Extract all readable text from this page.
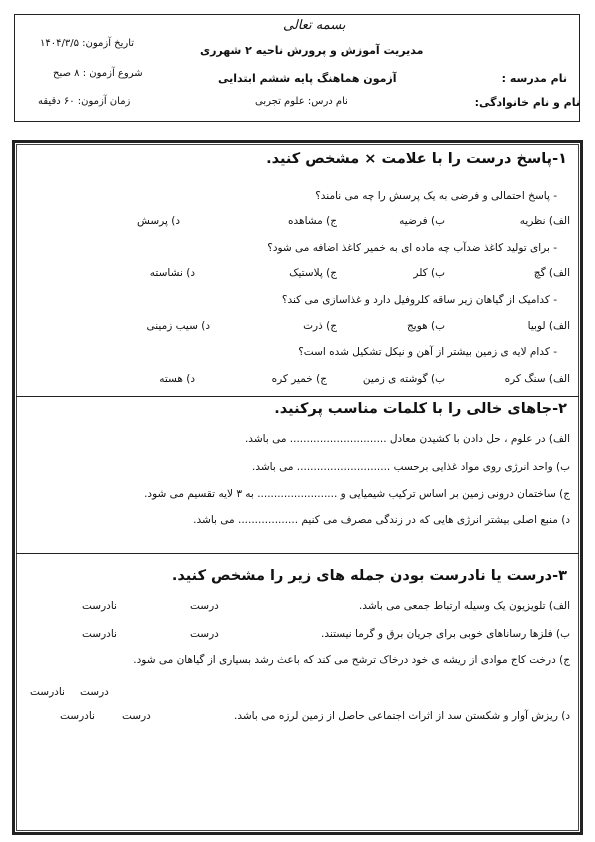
بسمه تعالی
مدیریت آموزش و پرورش ناحیه ۲ شهرری
آزمون هماهنگ پایه ششم ابتدایی	نام مدرسه :
نام و نام خانوادگی:
نام درس: علوم تجربی
تاریخ آزمون: ۱۴۰۴/۳/۵
شروع آزمون : ۸ صبح
زمان آزمون: ۶۰ دقیقه
۱-پاسخ درست را با علامت × مشخص کنید.
- پاسخ احتمالی و فرضی به یک پرسش را چه می نامند؟
الف) نظریه
ب) فرضیه
ج) مشاهده
د) پرسش
- برای تولید کاغذ ضدآب چه ماده ای به خمیر کاغذ اضافه می شود؟
الف) گچ
ب) کلر
ج) پلاستیک
د) نشاسته
- کدامیک از گیاهان زیر ساقه کلروفیل دارد و غذاسازی می کند؟
الف) لوبیا
ب) هویج
ج) ذرت
د) سیب زمینی
- کدام لایه ی زمین بیشتر از آهن و نیکل تشکیل شده است؟
الف) سنگ کره
ب) گوشته ی زمین
ج) خمیر کره
د) هسته
۲-جاهای خالی را با کلمات مناسب پرکنید.
الف) در علوم ، حل دادن با کشیدن معادل ............................. می باشد.
ب) واحد انرژی روی مواد غذایی برحسب ............................ می باشد.
ج) ساختمان درونی زمین بر اساس ترکیب شیمیایی و ........................ به ۳ لایه تقسیم می شود.
د) منبع اصلی بیشتر انرژی هایی که در زندگی مصرف می کنیم .................. می باشد.
۳-درست یا نادرست بودن جمله های زیر را مشخص کنید.
الف) تلویزیون یک وسیله ارتباط جمعی می باشد.
درست
نادرست
ب) فلزها رساناهای خوبی برای جریان برق و گرما نیستند.
درست
نادرست
ج) درخت کاج موادی از ریشه ی خود درخاک ترشح می کند که باعث رشد بسیاری از گیاهان می شود.
درست
نادرست
د) ریزش آوار و شکستن سد از اثرات اجتماعی حاصل از زمین لرزه می باشد.
درست
نادرست
